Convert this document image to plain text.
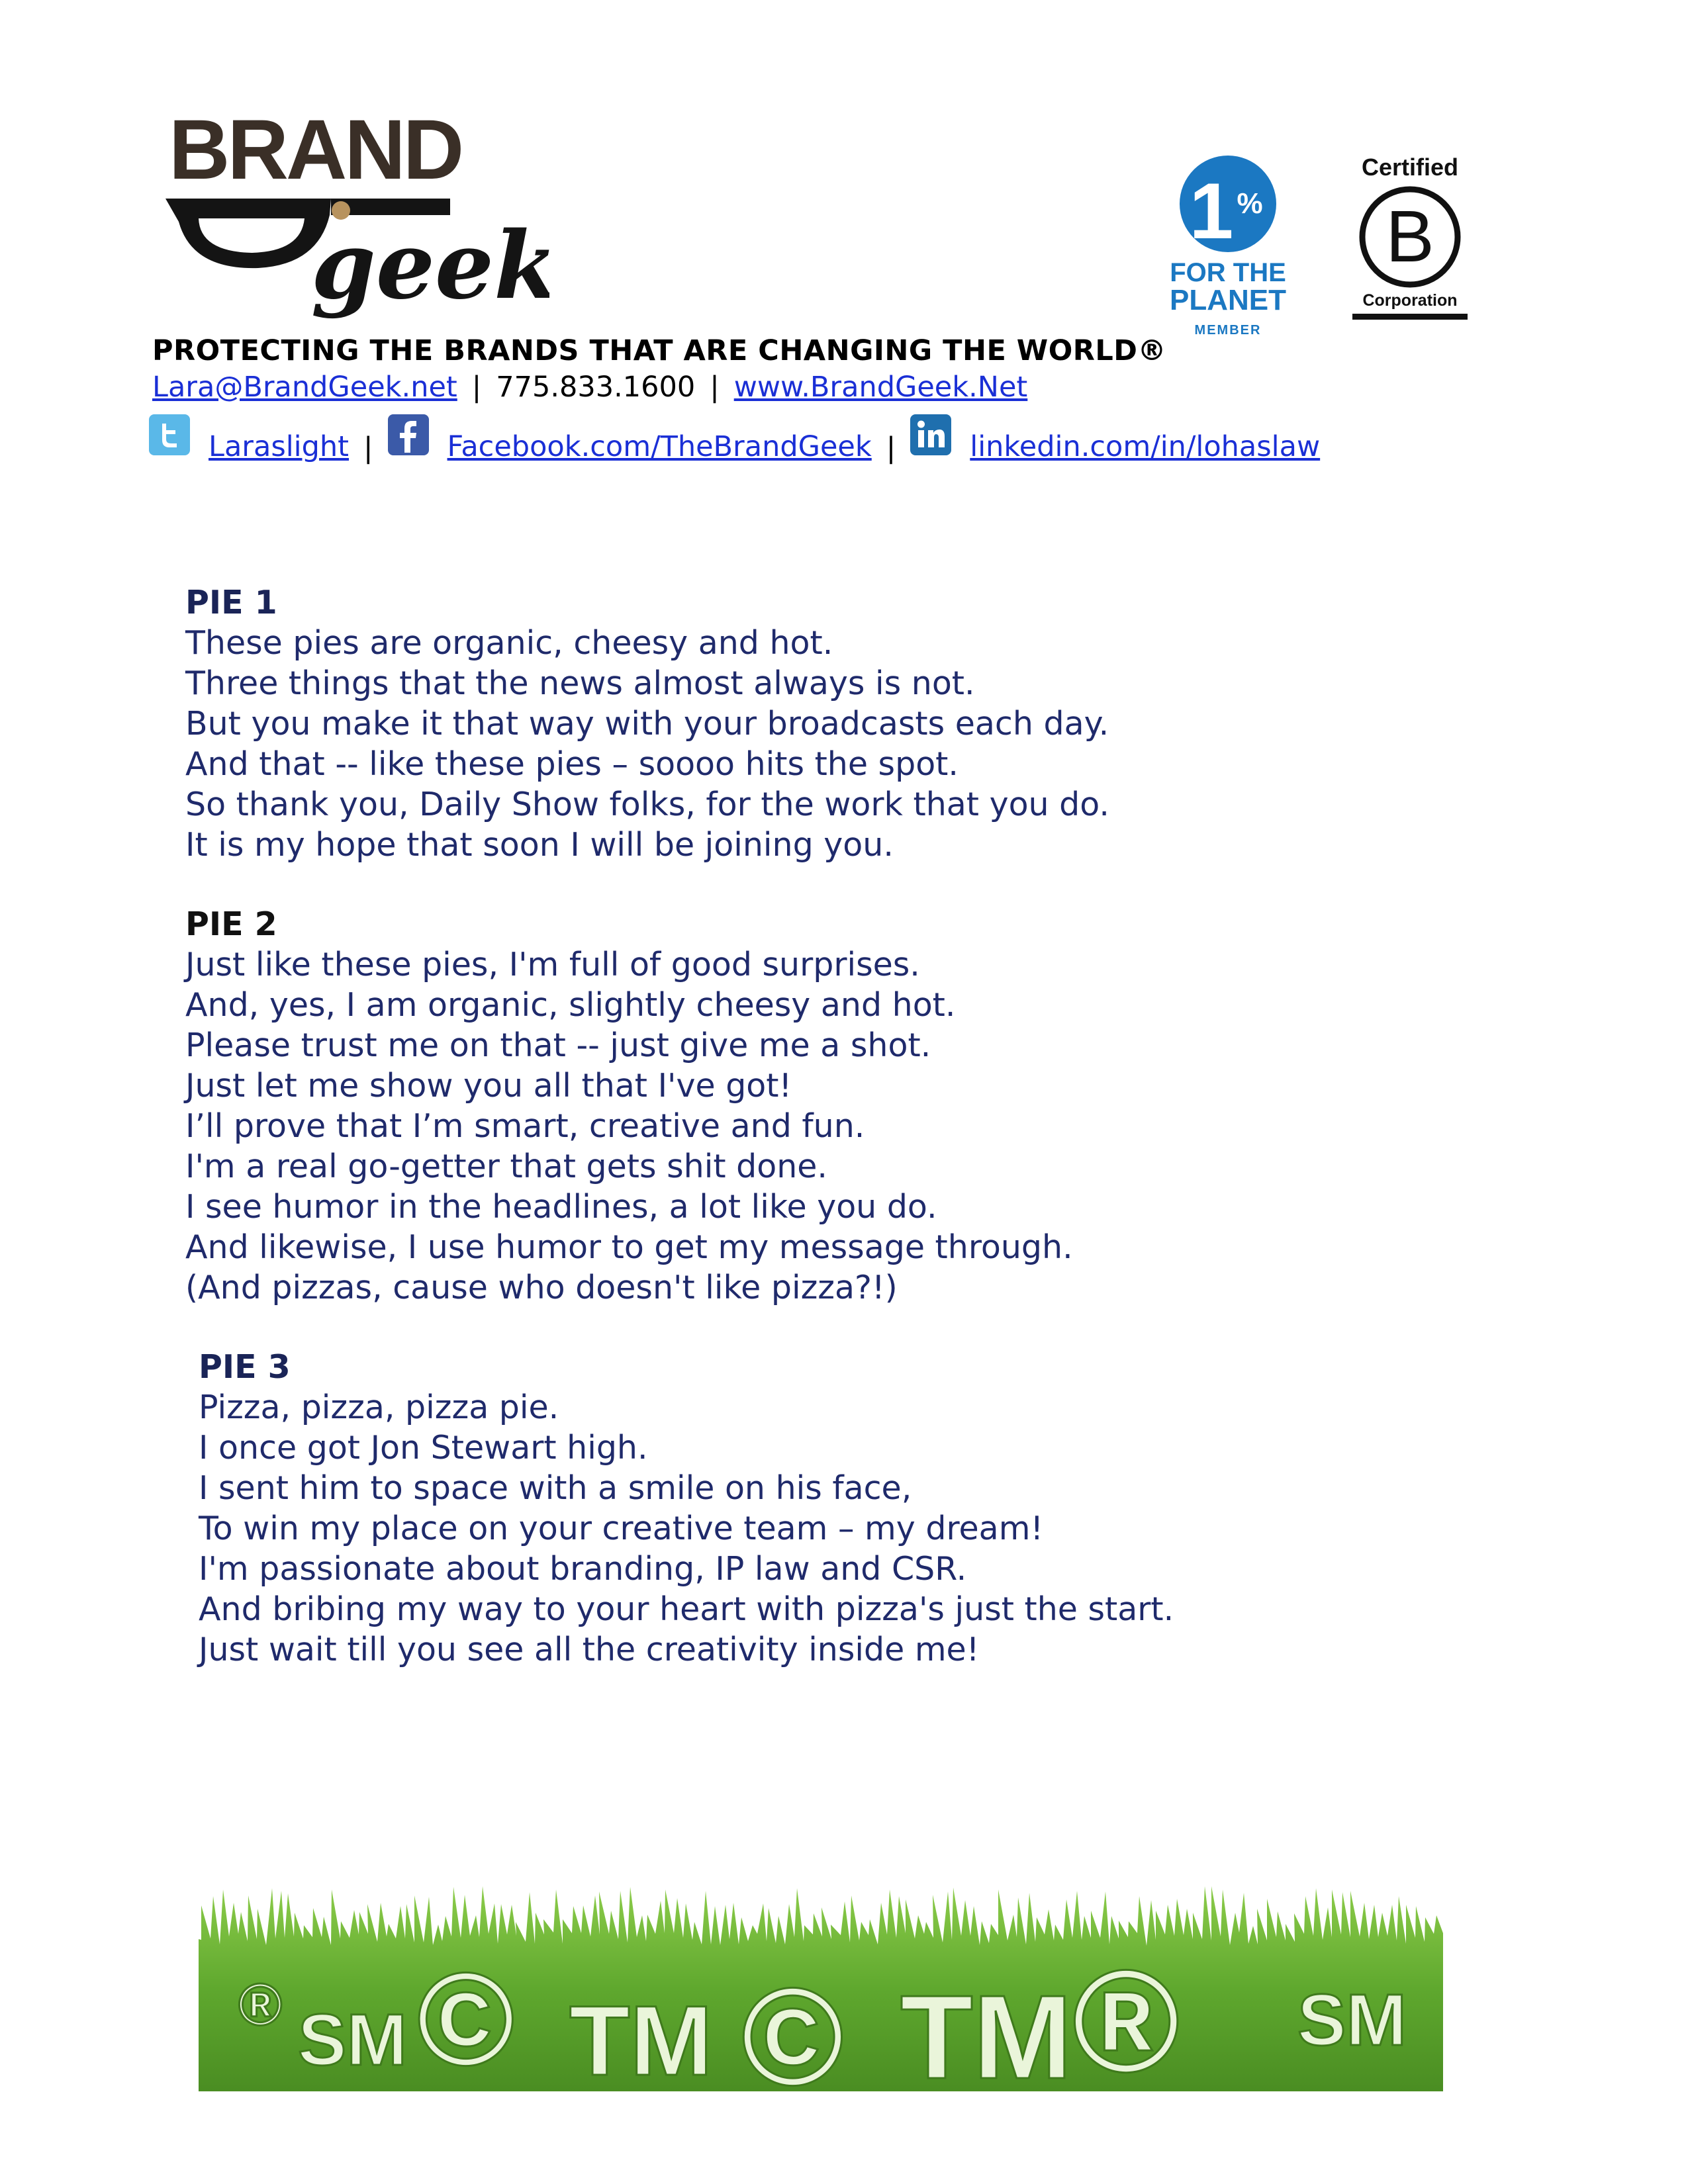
BRAND
geek
1 %
FOR THE
PLANET
MEMBER
Certified
B
Corporation
PROTECTING THE BRANDS THAT ARE CHANGING THE WORLD®
Lara@BrandGeek.net | 775.833.1600 | www.BrandGeek.Net
Laraslight |	Facebook.com/TheBrandGeek |	linkedin.com/in/lohaslaw
PIE 1
These pies are organic, cheesy and hot.
Three things that the news almost always is not.
But you make it that way with your broadcasts each day.
And that -- like these pies – soooo hits the spot.
So thank you, Daily Show folks, for the work that you do.
It is my hope that soon I will be joining you.
PIE 2
Just like these pies, I'm full of good surprises.
And, yes, I am organic, slightly cheesy and hot.
Please trust me on that -- just give me a shot.
Just let me show you all that I've got!
I’ll prove that I’m smart, creative and fun.
I'm a real go-getter that gets shit done.
I see humor in the headlines, a lot like you do.
And likewise, I use humor to get my message through.
(And pizzas, cause who doesn't like pizza?!)
PIE 3
Pizza, pizza, pizza pie.
I once got Jon Stewart high.
I sent him to space with a smile on his face,
To win my place on your creative team – my dream!
I'm passionate about branding, IP law and CSR.
And bribing my way to your heart with pizza's just the start.
Just wait till you see all the creativity inside me!
® SM © TM © TM ® SM
